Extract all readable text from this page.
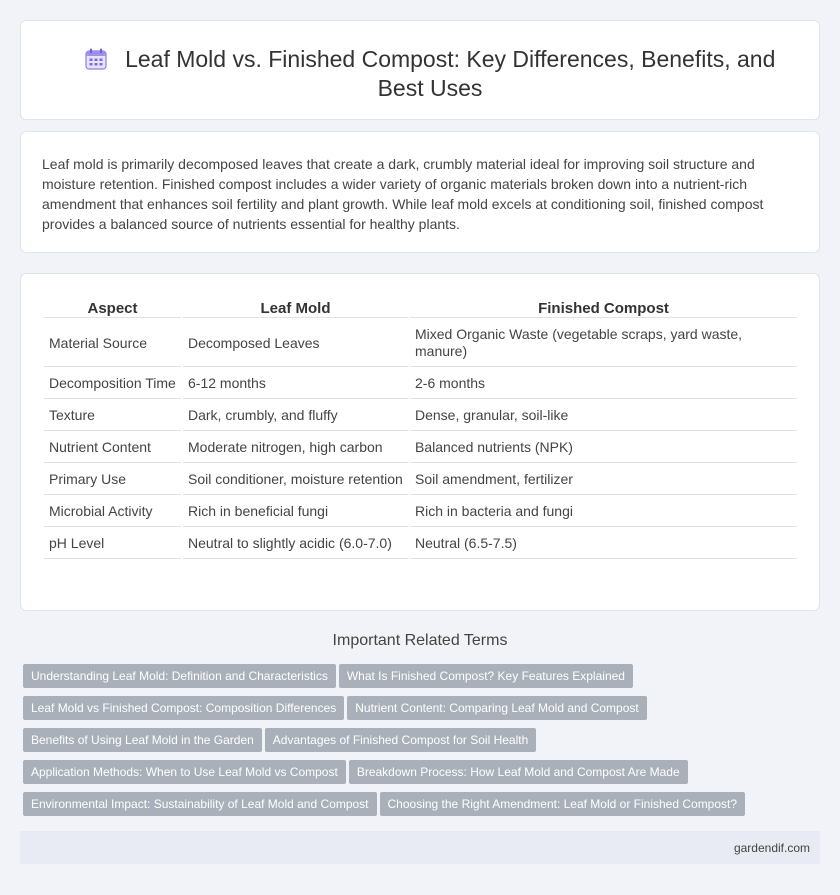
Leaf Mold vs. Finished Compost: Key Differences, Benefits, and Best Uses

Leaf mold is primarily decomposed leaves that create a dark, crumbly material ideal for improving soil structure and moisture retention. Finished compost includes a wider variety of organic materials broken down into a nutrient-rich amendment that enhances soil fertility and plant growth. While leaf mold excels at conditioning soil, finished compost provides a balanced source of nutrients essential for healthy plants.

Aspect	Leaf Mold	Finished Compost
Material Source	Decomposed Leaves	Mixed Organic Waste (vegetable scraps, yard waste, manure)
Decomposition Time	6-12 months	2-6 months
Texture	Dark, crumbly, and fluffy	Dense, granular, soil-like
Nutrient Content	Moderate nitrogen, high carbon	Balanced nutrients (NPK)
Primary Use	Soil conditioner, moisture retention	Soil amendment, fertilizer
Microbial Activity	Rich in beneficial fungi	Rich in bacteria and fungi
pH Level	Neutral to slightly acidic (6.0-7.0)	Neutral (6.5-7.5)
Important Related Terms
Understanding Leaf Mold: Definition and Characteristics What Is Finished Compost? Key Features Explained
Leaf Mold vs Finished Compost: Composition Differences Nutrient Content: Comparing Leaf Mold and Compost
Benefits of Using Leaf Mold in the Garden Advantages of Finished Compost for Soil Health
Application Methods: When to Use Leaf Mold vs Compost Breakdown Process: How Leaf Mold and Compost Are Made
Environmental Impact: Sustainability of Leaf Mold and Compost Choosing the Right Amendment: Leaf Mold or Finished Compost?
gardendif.com
